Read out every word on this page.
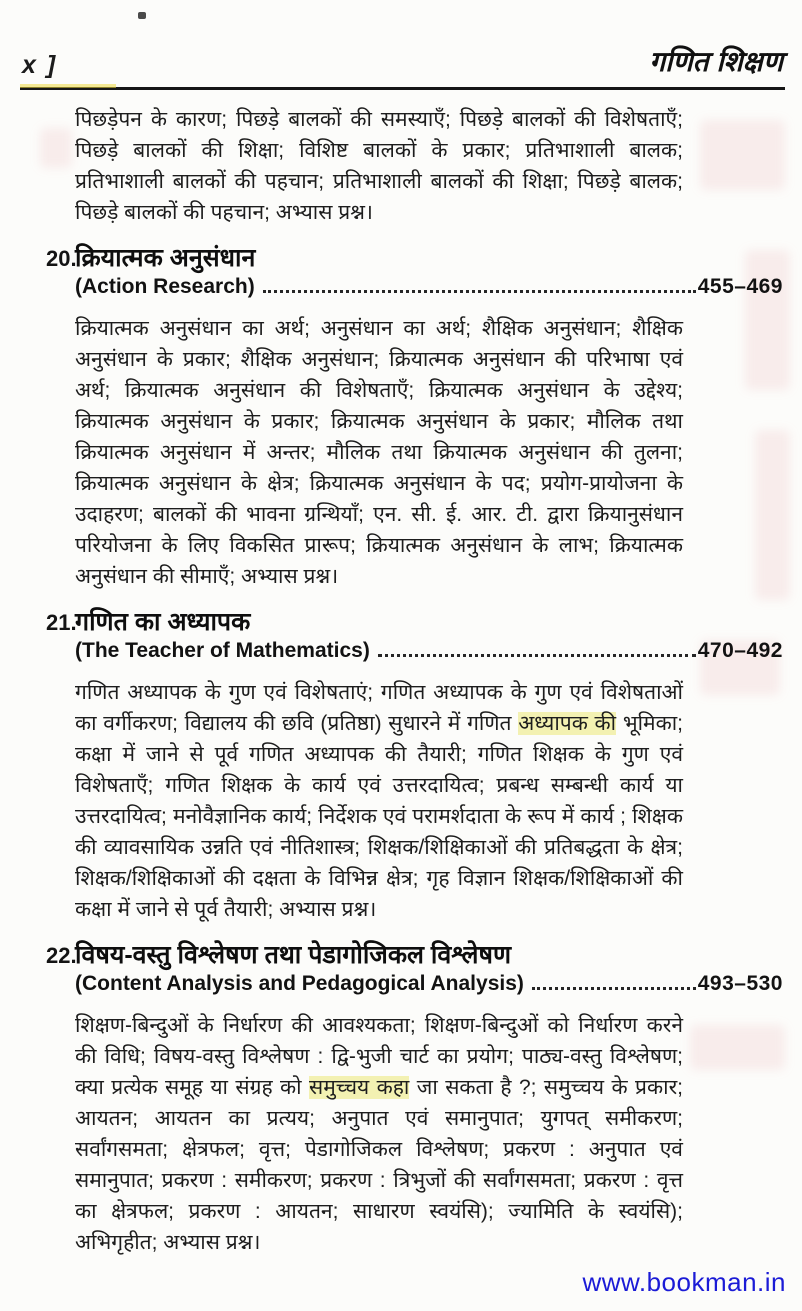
x ]	गणित शिक्षण

पिछड़ेपन के कारण; पिछड़े बालकों की समस्याएँ; पिछड़े बालकों की विशेषताएँ; पिछड़े बालकों की शिक्षा; विशिष्ट बालकों के प्रकार; प्रतिभाशाली बालक; प्रतिभाशाली बालकों की पहचान; प्रतिभाशाली बालकों की शिक्षा; पिछड़े बालक; पिछड़े बालकों की पहचान; अभ्यास प्रश्न।

20.
क्रियात्मक अनुसंधान
(Action Research)	455–469

क्रियात्मक अनुसंधान का अर्थ; अनुसंधान का अर्थ; शैक्षिक अनुसंधान; शैक्षिक अनुसंधान के प्रकार; शैक्षिक अनुसंधान; क्रियात्मक अनुसंधान की परिभाषा एवं अर्थ; क्रियात्मक अनुसंधान की विशेषताएँ; क्रियात्मक अनुसंधान के उद्देश्य; क्रियात्मक अनुसंधान के प्रकार; क्रियात्मक अनुसंधान के प्रकार; मौलिक तथा क्रियात्मक अनुसंधान में अन्तर; मौलिक तथा क्रियात्मक अनुसंधान की तुलना; क्रियात्मक अनुसंधान के क्षेत्र; क्रियात्मक अनुसंधान के पद; प्रयोग-प्रायोजना के उदाहरण; बालकों की भावना ग्रन्थियाँ; एन. सी. ई. आर. टी. द्वारा क्रियानुसंधान परियोजना के लिए विकसित प्रारूप; क्रियात्मक अनुसंधान के लाभ; क्रियात्मक अनुसंधान की सीमाएँ; अभ्यास प्रश्न।

21.
गणित का अध्यापक
(The Teacher of Mathematics)	470–492

गणित अध्यापक के गुण एवं विशेषताएं; गणित अध्यापक के गुण एवं विशेषताओं का वर्गीकरण; विद्यालय की छवि (प्रतिष्ठा) सुधारने में गणित अध्यापक की भूमिका; कक्षा में जाने से पूर्व गणित अध्यापक की तैयारी; गणित शिक्षक के गुण एवं विशेषताएँ; गणित शिक्षक के कार्य एवं उत्तरदायित्व; प्रबन्ध सम्बन्धी कार्य या उत्तरदायित्व; मनोवैज्ञानिक कार्य; निर्देशक एवं परामर्शदाता के रूप में कार्य ; शिक्षक की व्यावसायिक उन्नति एवं नीतिशास्त्र; शिक्षक/शिक्षिकाओं की प्रतिबद्धता के क्षेत्र; शिक्षक/शिक्षिकाओं की दक्षता के विभिन्न क्षेत्र; गृह विज्ञान शिक्षक/शिक्षिकाओं की कक्षा में जाने से पूर्व तैयारी; अभ्यास प्रश्न।

22.
विषय-वस्तु विश्लेषण तथा पेडागोजिकल विश्लेषण
(Content Analysis and Pedagogical Analysis)	493–530

शिक्षण-बिन्दुओं के निर्धारण की आवश्यकता; शिक्षण-बिन्दुओं को निर्धारण करने की विधि; विषय-वस्तु विश्लेषण : द्वि-भुजी चार्ट का प्रयोग; पाठ्य-वस्तु विश्लेषण; क्या प्रत्येक समूह या संग्रह को समुच्चय कहा जा सकता है ?; समुच्चय के प्रकार; आयतन; आयतन का प्रत्यय; अनुपात एवं समानुपात; युगपत् समीकरण; सर्वांगसमता; क्षेत्रफल; वृत्त; पेडागोजिकल विश्लेषण; प्रकरण : अनुपात एवं समानुपात; प्रकरण : समीकरण; प्रकरण : त्रिभुजों की सर्वांगसमता; प्रकरण : वृत्त का क्षेत्रफल; प्रकरण : आयतन; साधारण स्वयंसि); ज्यामिति के स्वयंसि); अभिगृहीत; अभ्यास प्रश्न।

www.bookman.in
